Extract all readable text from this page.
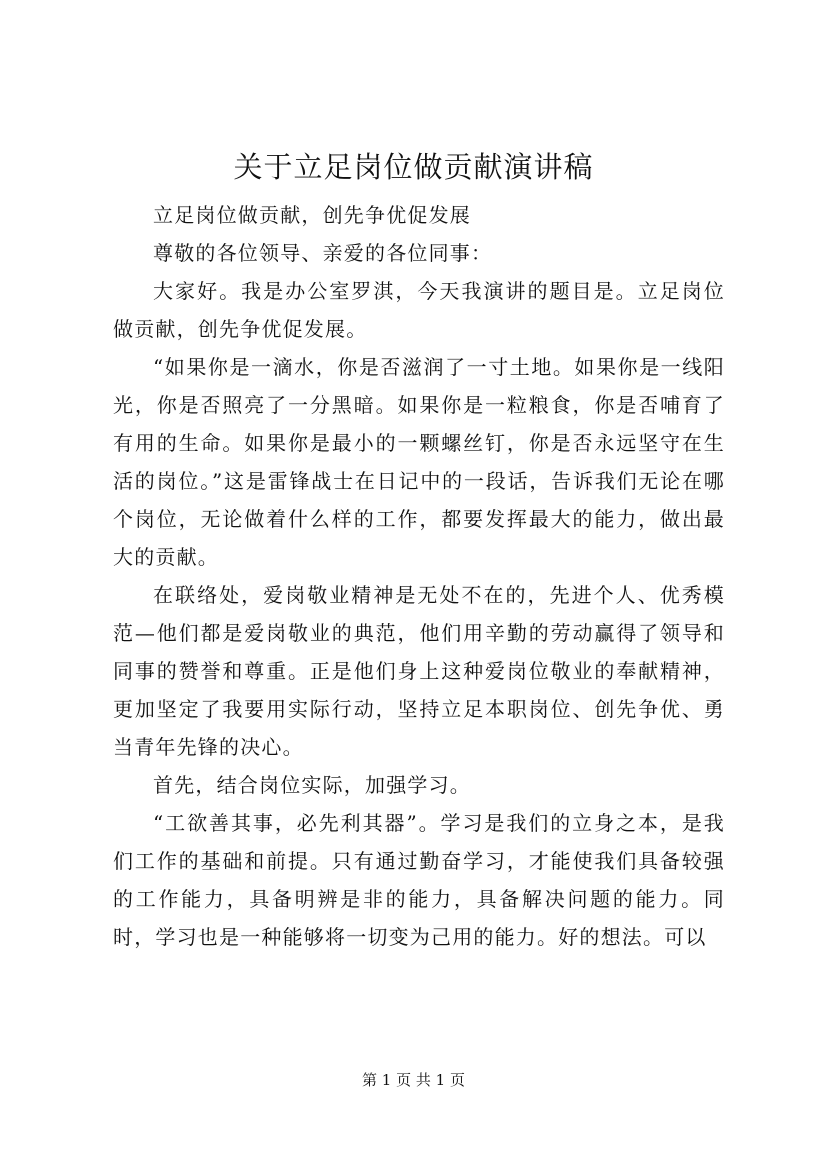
关于立足岗位做贡献演讲稿

立足岗位做贡献，创先争优促发展

尊敬的各位领导、亲爱的各位同事：

大家好。我是办公室罗淇，今天我演讲的题目是。立足岗位做贡献，创先争优促发展。

“如果你是一滴水，你是否滋润了一寸土地。如果你是一线阳光，你是否照亮了一分黑暗。如果你是一粒粮食，你是否哺育了有用的生命。如果你是最小的一颗螺丝钉，你是否永远坚守在生活的岗位。”这是雷锋战士在日记中的一段话，告诉我们无论在哪个岗位，无论做着什么样的工作，都要发挥最大的能力，做出最大的贡献。

在联络处，爱岗敬业精神是无处不在的，先进个人、优秀模范—他们都是爱岗敬业的典范，他们用辛勤的劳动赢得了领导和同事的赞誉和尊重。正是他们身上这种爱岗位敬业的奉献精神，更加坚定了我要用实际行动，坚持立足本职岗位、创先争优、勇当青年先锋的决心。

首先，结合岗位实际，加强学习。

“工欲善其事，必先利其器”。学习是我们的立身之本，是我们工作的基础和前提。只有通过勤奋学习，才能使我们具备较强的工作能力，具备明辨是非的能力，具备解决问题的能力。同时，学习也是一种能够将一切变为己用的能力。好的想法。可以

第 1 页 共 1 页
